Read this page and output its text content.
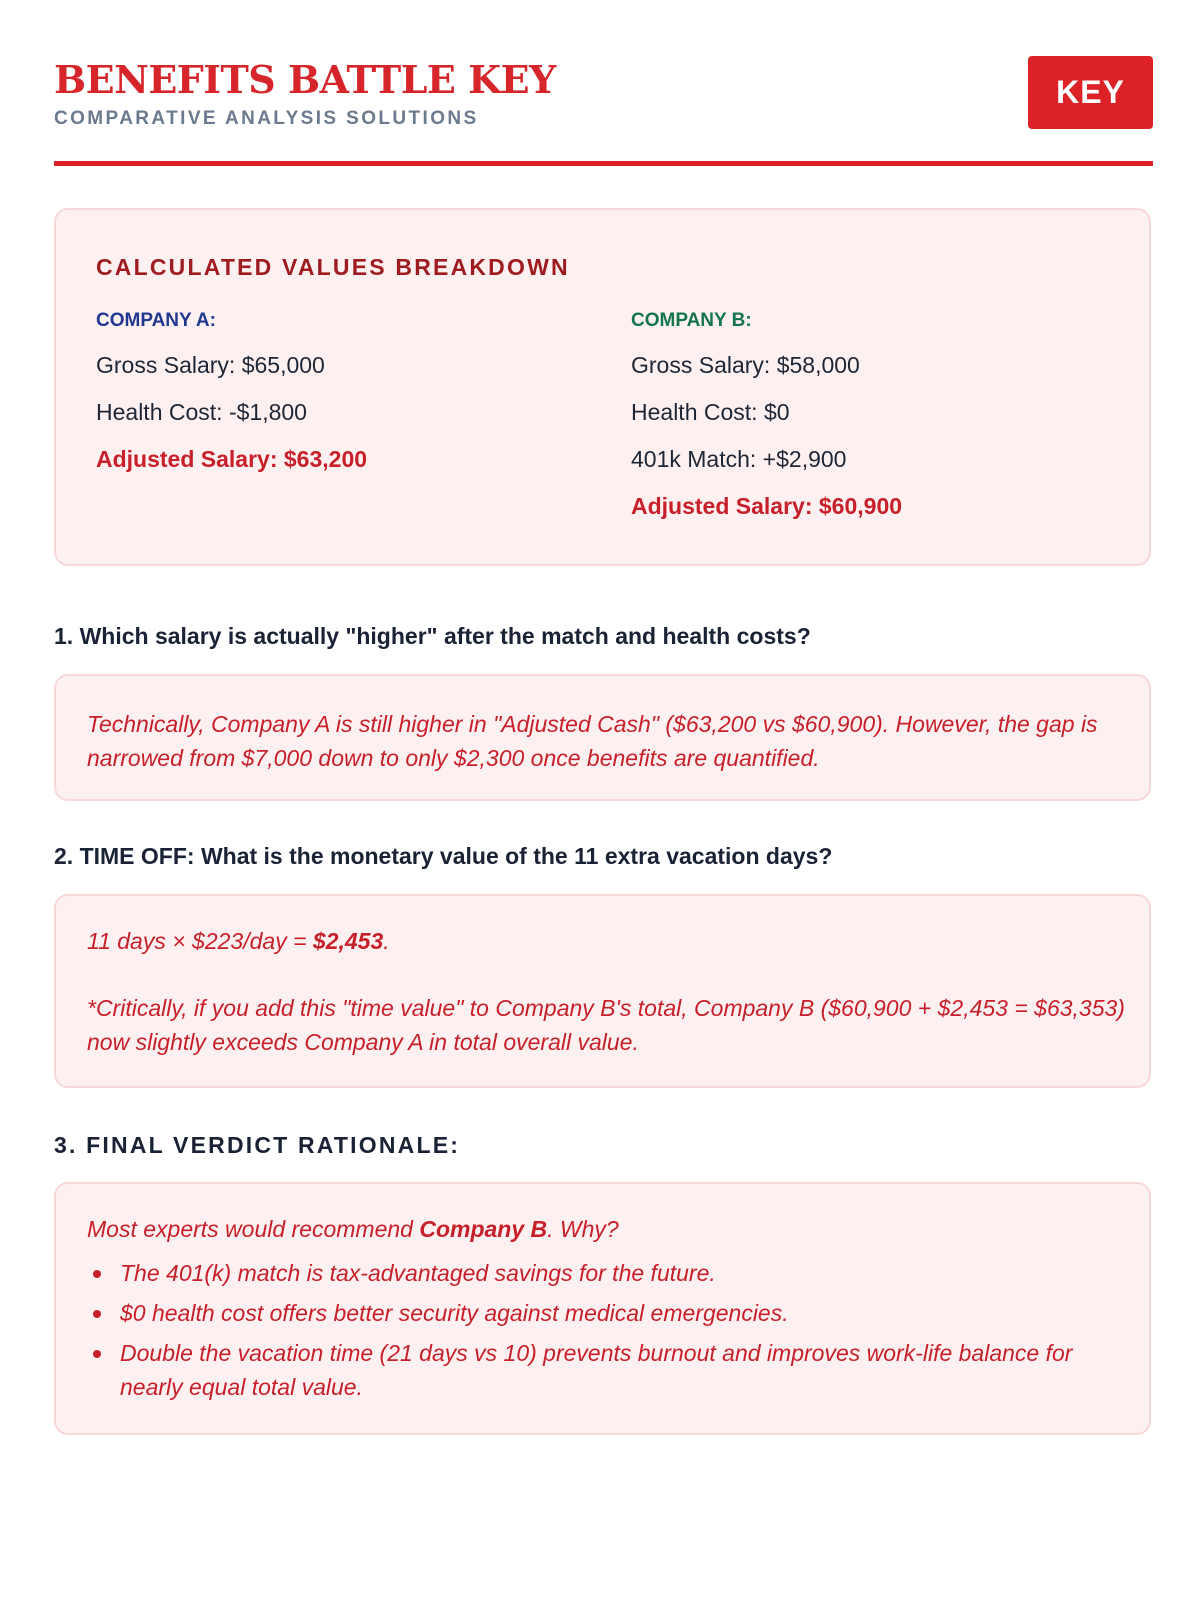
BENEFITS BATTLE KEY
COMPARATIVE ANALYSIS SOLUTIONS
KEY
CALCULATED VALUES BREAKDOWN
COMPANY A:
Gross Salary: $65,000
Health Cost: -$1,800
Adjusted Salary: $63,200
COMPANY B:
Gross Salary: $58,000
Health Cost: $0
401k Match: +$2,900
Adjusted Salary: $60,900
1. Which salary is actually "higher" after the match and health costs?
Technically, Company A is still higher in "Adjusted Cash" ($63,200 vs $60,900). However, the gap is narrowed from $7,000 down to only $2,300 once benefits are quantified.
2. TIME OFF: What is the monetary value of the 11 extra vacation days?
11 days × $223/day = $2,453.
*Critically, if you add this "time value" to Company B's total, Company B ($60,900 + $2,453 = $63,353) now slightly exceeds Company A in total overall value.
3. FINAL VERDICT RATIONALE:
Most experts would recommend Company B. Why?
The 401(k) match is tax-advantaged savings for the future.
$0 health cost offers better security against medical emergencies.
Double the vacation time (21 days vs 10) prevents burnout and improves work-life balance for nearly equal total value.
